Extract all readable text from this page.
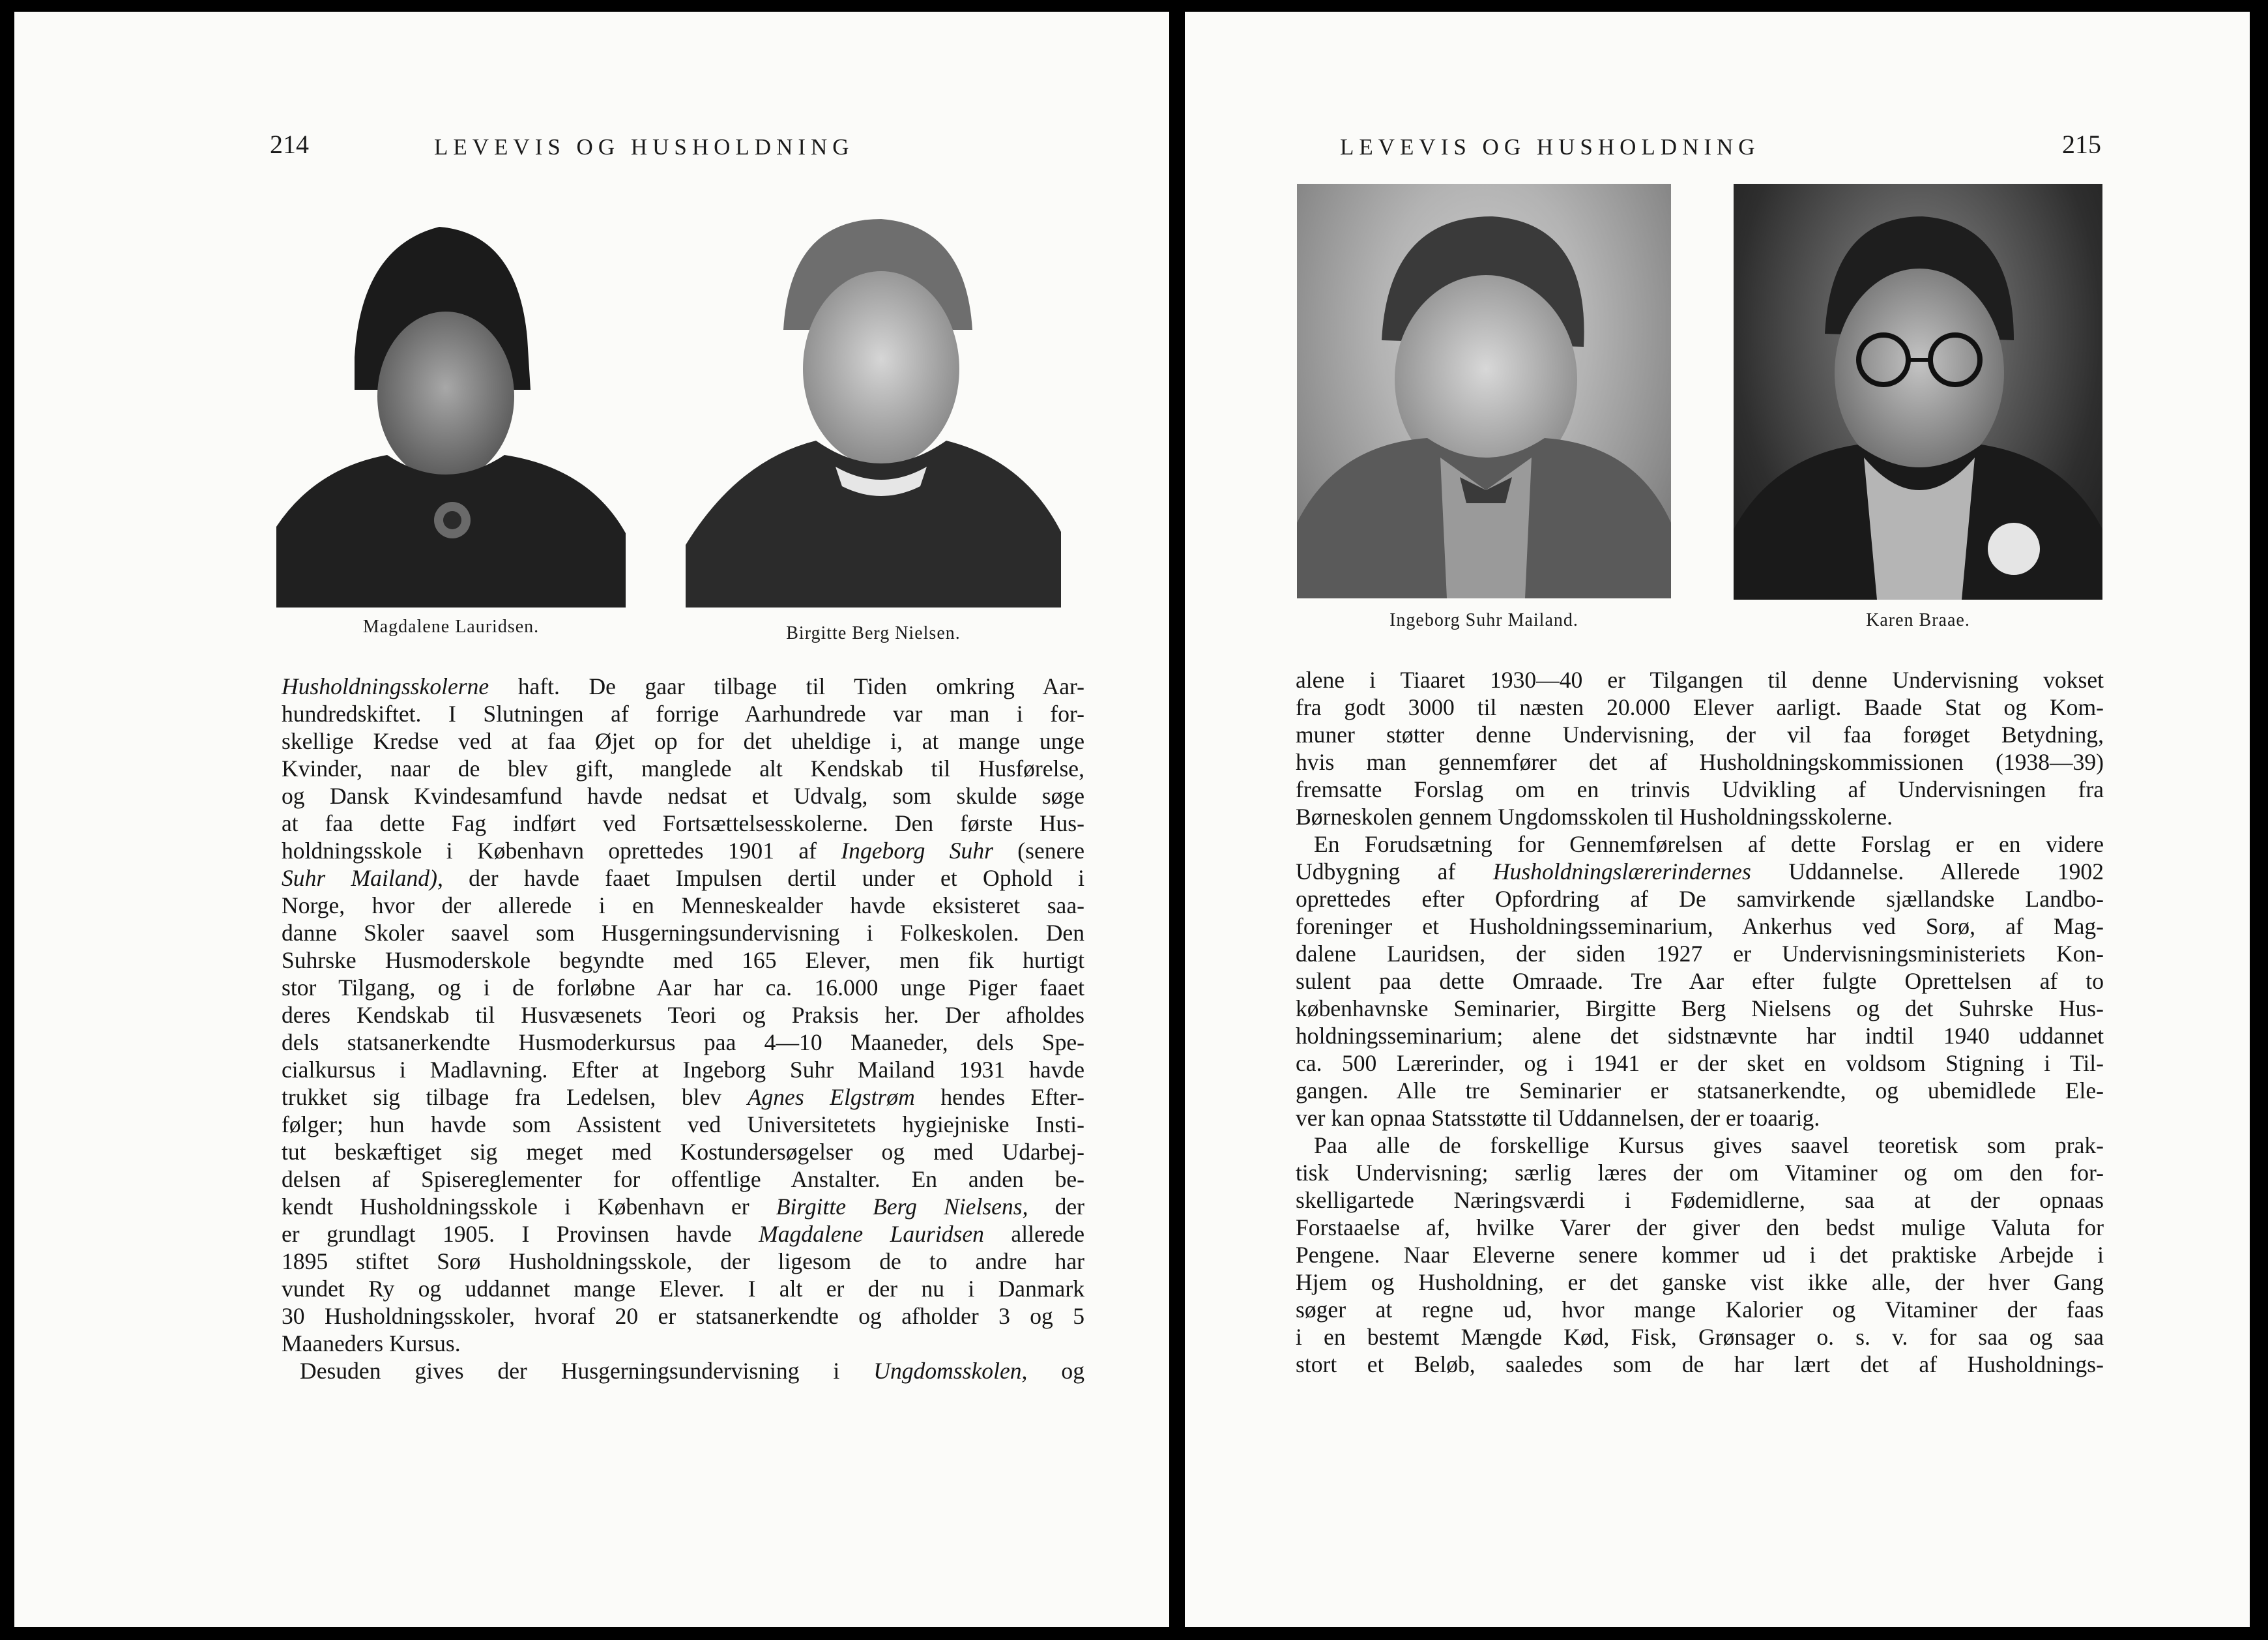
214	LEVEVIS OG HUSHOLDNING
Magdalene Lauridsen.	Birgitte Berg Nielsen.
Husholdningsskolerne haft. De gaar tilbage til Tiden omkring Aar-
hundredskiftet. I Slutningen af forrige Aarhundrede var man i for-
skellige Kredse ved at faa Øjet op for det uheldige i, at mange unge
Kvinder, naar de blev gift, manglede alt Kendskab til Husførelse,
og Dansk Kvindesamfund havde nedsat et Udvalg, som skulde søge
at faa dette Fag indført ved Fortsættelsesskolerne. Den første Hus-
holdningsskole i København oprettedes 1901 af Ingeborg Suhr (senere
Suhr Mailand), der havde faaet Impulsen dertil under et Ophold i
Norge, hvor der allerede i en Menneskealder havde eksisteret saa-
danne Skoler saavel som Husgerningsundervisning i Folkeskolen. Den
Suhrske Husmoderskole begyndte med 165 Elever, men fik hurtigt
stor Tilgang, og i de forløbne Aar har ca. 16.000 unge Piger faaet
deres Kendskab til Husvæsenets Teori og Praksis her. Der afholdes
dels statsanerkendte Husmoderkursus paa 4—10 Maaneder, dels Spe-
cialkursus i Madlavning. Efter at Ingeborg Suhr Mailand 1931 havde
trukket sig tilbage fra Ledelsen, blev Agnes Elgstrøm hendes Efter-
følger; hun havde som Assistent ved Universitetets hygiejniske Insti-
tut beskæftiget sig meget med Kostundersøgelser og med Udarbej-
delsen af Spisereglementer for offentlige Anstalter. En anden be-
kendt Husholdningsskole i København er Birgitte Berg Nielsens, der
er grundlagt 1905. I Provinsen havde Magdalene Lauridsen allerede
1895 stiftet Sorø Husholdningsskole, der ligesom de to andre har
vundet Ry og uddannet mange Elever. I alt er der nu i Danmark
30 Husholdningsskoler, hvoraf 20 er statsanerkendte og afholder 3 og 5
Maaneders Kursus.
Desuden gives der Husgerningsundervisning i Ungdomsskolen, og
LEVEVIS OG HUSHOLDNING	215
Ingeborg Suhr Mailand.	Karen Braae.
alene i Tiaaret 1930—40 er Tilgangen til denne Undervisning vokset
fra godt 3000 til næsten 20.000 Elever aarligt. Baade Stat og Kom-
muner støtter denne Undervisning, der vil faa forøget Betydning,
hvis man gennemfører det af Husholdningskommissionen (1938—39)
fremsatte Forslag om en trinvis Udvikling af Undervisningen fra
Børneskolen gennem Ungdomsskolen til Husholdningsskolerne.
En Forudsætning for Gennemførelsen af dette Forslag er en videre
Udbygning af Husholdningslærerindernes Uddannelse. Allerede 1902
oprettedes efter Opfordring af De samvirkende sjællandske Landbo-
foreninger et Husholdningsseminarium, Ankerhus ved Sorø, af Mag-
dalene Lauridsen, der siden 1927 er Undervisningsministeriets Kon-
sulent paa dette Omraade. Tre Aar efter fulgte Oprettelsen af to
københavnske Seminarier, Birgitte Berg Nielsens og det Suhrske Hus-
holdningsseminarium; alene det sidstnævnte har indtil 1940 uddannet
ca. 500 Lærerinder, og i 1941 er der sket en voldsom Stigning i Til-
gangen. Alle tre Seminarier er statsanerkendte, og ubemidlede Ele-
ver kan opnaa Statsstøtte til Uddannelsen, der er toaarig.
Paa alle de forskellige Kursus gives saavel teoretisk som prak-
tisk Undervisning; særlig læres der om Vitaminer og om den for-
skelligartede Næringsværdi i Fødemidlerne, saa at der opnaas
Forstaaelse af, hvilke Varer der giver den bedst mulige Valuta for
Pengene. Naar Eleverne senere kommer ud i det praktiske Arbejde i
Hjem og Husholdning, er det ganske vist ikke alle, der hver Gang
søger at regne ud, hvor mange Kalorier og Vitaminer der faas
i en bestemt Mængde Kød, Fisk, Grønsager o. s. v. for saa og saa
stort et Beløb, saaledes som de har lært det af Husholdnings-
